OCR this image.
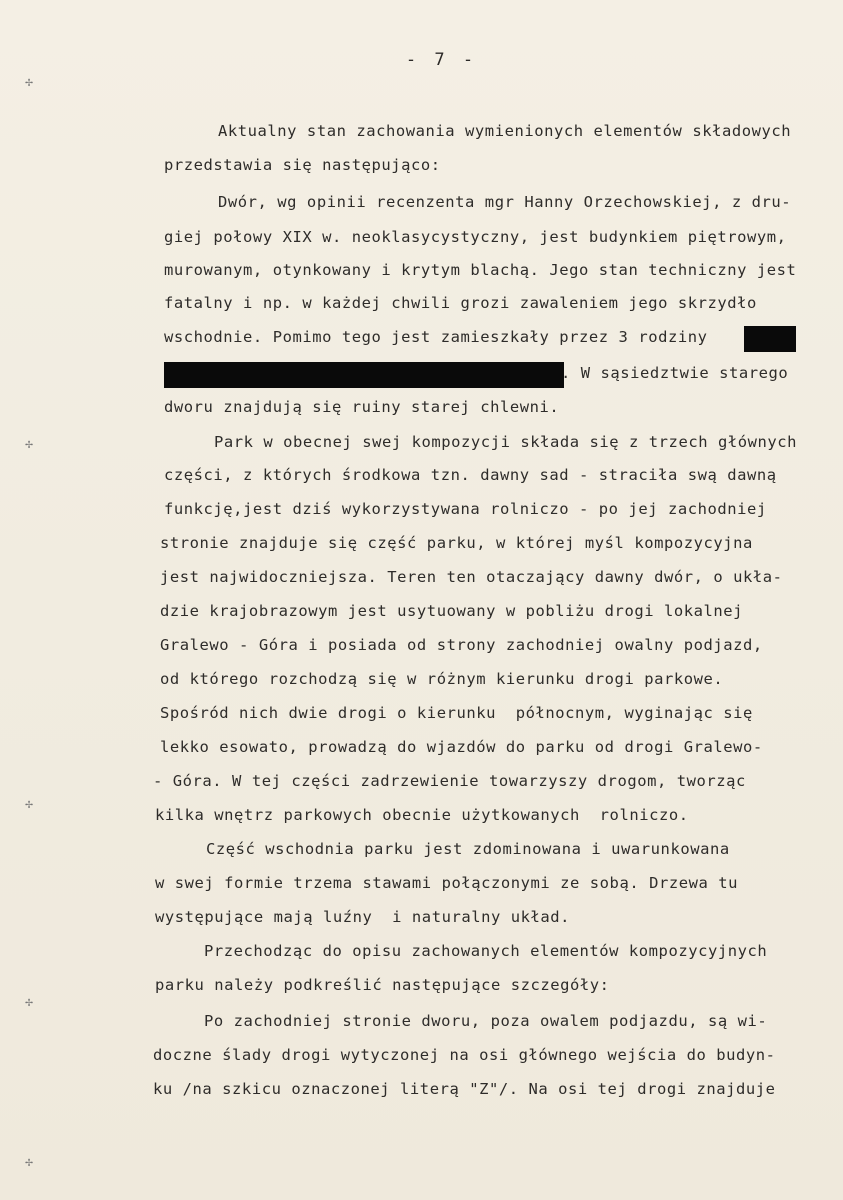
✢
✢
✢
✢
✢
- 7 -
Aktualny stan zachowania wymienionych elementów składowych
przedstawia się następująco:
Dwór, wg opinii recenzenta mgr Hanny Orzechowskiej, z dru-
giej połowy XIX w. neoklasycystyczny, jest budynkiem piętrowym,
murowanym, otynkowany i krytym blachą. Jego stan techniczny jest
fatalny i np. w każdej chwili grozi zawaleniem jego skrzydło
wschodnie. Pomimo tego jest zamieszkały przez 3 rodziny
. W sąsiedztwie starego
dworu znajdują się ruiny starej chlewni.
Park w obecnej swej kompozycji składa się z trzech głównych
części, z których środkowa tzn. dawny sad - straciła swą dawną
funkcję,jest dziś wykorzystywana rolniczo - po jej zachodniej
stronie znajduje się część parku, w której myśl kompozycyjna
jest najwidoczniejsza. Teren ten otaczający dawny dwór, o ukła-
dzie krajobrazowym jest usytuowany w pobliżu drogi lokalnej
Gralewo - Góra i posiada od strony zachodniej owalny podjazd,
od którego rozchodzą się w różnym kierunku drogi parkowe.
Spośród nich dwie drogi o kierunku  północnym, wyginając się
lekko esowato, prowadzą do wjazdów do parku od drogi Gralewo-
- Góra. W tej części zadrzewienie towarzyszy drogom, tworząc
kilka wnętrz parkowych obecnie użytkowanych  rolniczo.
Część wschodnia parku jest zdominowana i uwarunkowana
w swej formie trzema stawami połączonymi ze sobą. Drzewa tu
występujące mają luźny  i naturalny układ.
Przechodząc do opisu zachowanych elementów kompozycyjnych
parku należy podkreślić następujące szczegóły:
Po zachodniej stronie dworu, poza owalem podjazdu, są wi-
doczne ślady drogi wytyczonej na osi głównego wejścia do budyn-
ku /na szkicu oznaczonej literą "Z"/. Na osi tej drogi znajduje
